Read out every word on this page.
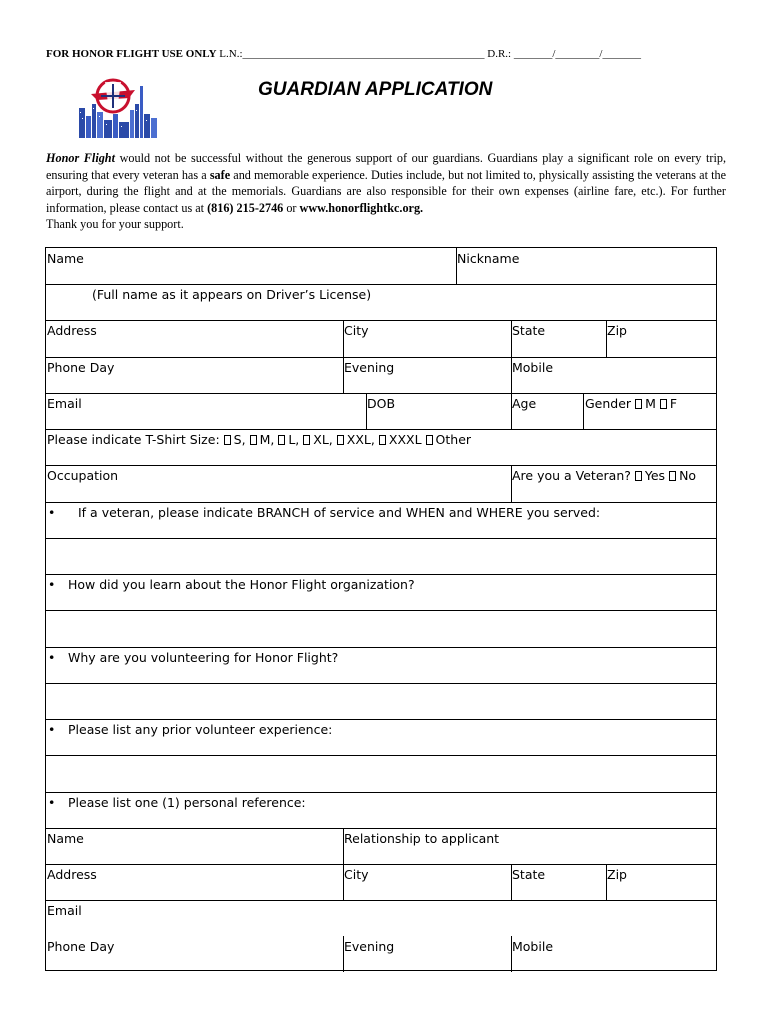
FOR HONOR FLIGHT USE ONLY L.N.:____________________________________________ D.R.: _______/________/_______
GUARDIAN APPLICATION
Honor Flight would not be successful without the generous support of our guardians. Guardians play a significant role on every trip, ensuring that every veteran has a safe and memorable experience. Duties include, but not limited to, physically assisting the veterans at the airport, during the flight and at the memorials. Guardians are also responsible for their own expenses (airline fare, etc.). For further information, please contact us at (816) 215-2746 or www.honorflightkc.org.
Thank you for your support.
Name	Nickname
(Full name as it appears on Driver’s License)
Address	City	State	Zip
Phone Day	Evening	Mobile
Email	DOB	Age	Gender M F
Please indicate T-Shirt Size: S, M, L, XL, XXL, XXXL Other
Occupation	Are you a Veteran? Yes No
• If a veteran, please indicate BRANCH of service and WHEN and WHERE you served:
• How did you learn about the Honor Flight organization?
• Why are you volunteering for Honor Flight?
• Please list any prior volunteer experience:
• Please list one (1) personal reference:
Name	Relationship to applicant
Address	City	State	Zip
Email
Phone Day	Evening	Mobile
